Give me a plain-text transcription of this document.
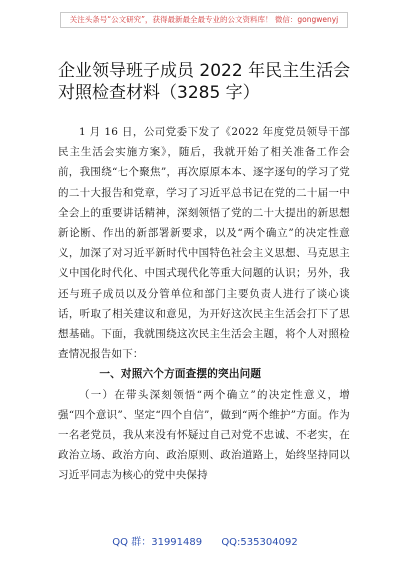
关注头条号“公文研究”，获得最新最全最专业的公文资料库！ 微信：gongwenyj
企业领导班子成员 2022 年民主生活会对照检查材料（3285 字）

1 月 16 日，公司党委下发了《2022 年度党员领导干部民主生活会实施方案》，随后，我就开始了相关准备工作会前，我围绕“七个聚焦”，再次原原本本、逐字逐句的学习了党的二十大报告和党章，学习了习近平总书记在党的二十届一中全会上的重要讲话精神，深刻领悟了党的二十大提出的新思想新论断、作出的新部署新要求，以及“两个确立”的决定性意义，加深了对习近平新时代中国特色社会主义思想、马克思主义中国化时代化、中国式现代化等重大问题的认识；另外，我还与班子成员以及分管单位和部门主要负责人进行了谈心谈话，听取了相关建议和意见，为开好这次民主生活会打下了思想基础。下面，我就围绕这次民主生活会主题，将个人对照检查情况报告如下：

一、对照六个方面查摆的突出问题

（一）在带头深刻领悟“两个确立”的决定性意义，增强“四个意识”、坚定“四个自信”，做到“两个维护”方面。作为一名老党员，我从来没有怀疑过自己对党不忠诚、不老实，在政治立场、政治方向、政治原则、政治道路上，始终坚持同以习近平同志为核心的党中央保持

QQ 群：31991489 QQ:535304092
